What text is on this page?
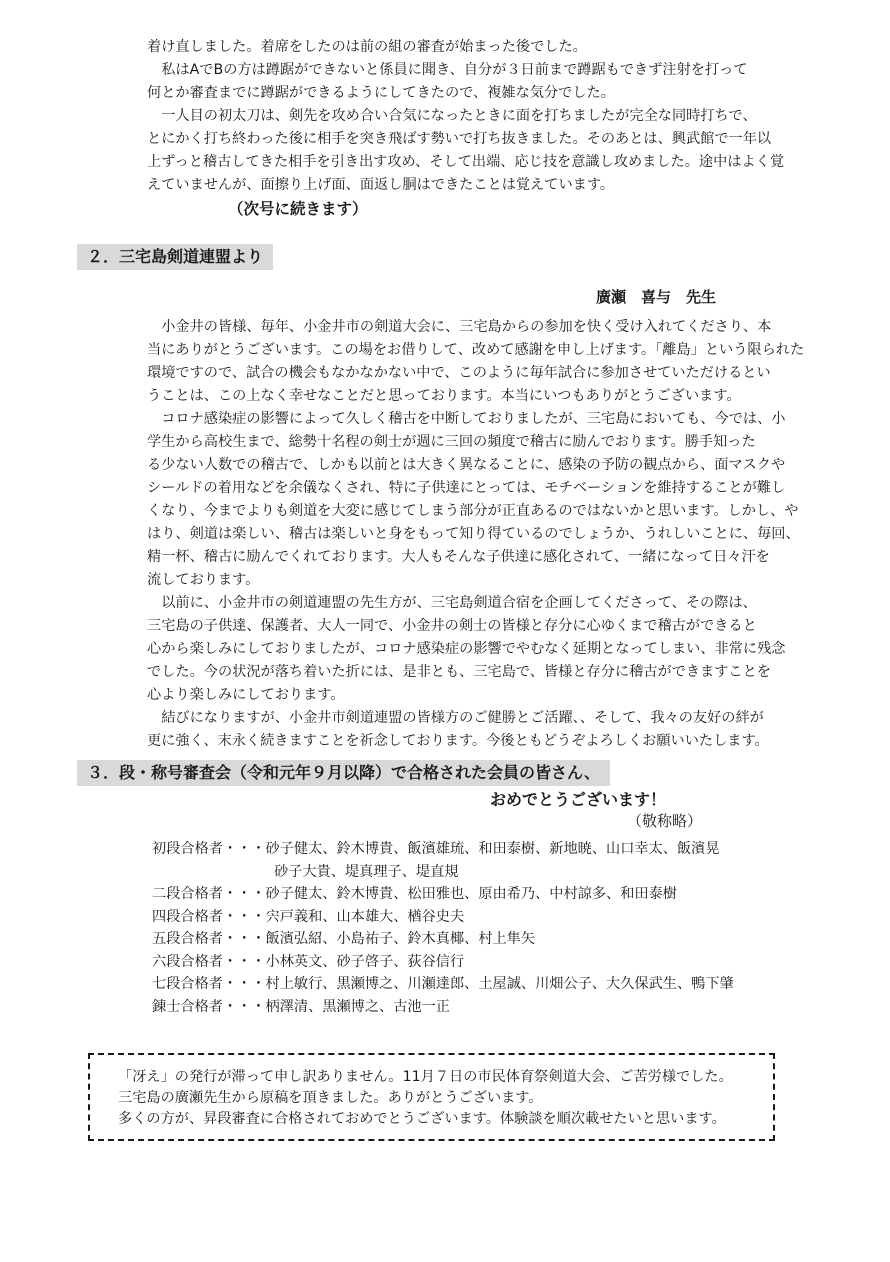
着け直しました。着席をしたのは前の組の審査が始まった後でした。
　私はAでBの方は蹲踞ができないと係員に聞き、自分が３日前まで蹲踞もできず注射を打って
何とか審査までに蹲踞ができるようにしてきたので、複雑な気分でした。
　一人目の初太刀は、剣先を攻め合い合気になったときに面を打ちましたが完全な同時打ちで、
とにかく打ち終わった後に相手を突き飛ばす勢いで打ち抜きました。そのあとは、興武館で一年以
上ずっと稽古してきた相手を引き出す攻め、そして出端、応じ技を意識し攻めました。途中はよく覚
えていませんが、面擦り上げ面、面返し胴はできたことは覚えています。
（次号に続きます）
２．三宅島剣道連盟より
廣瀬　喜与　先生
　小金井の皆様、毎年、小金井市の剣道大会に、三宅島からの参加を快く受け入れてくださり、本
当にありがとうございます。この場をお借りして、改めて感謝を申し上げます。「離島」という限られた
環境ですので、試合の機会もなかなかない中で、このように毎年試合に参加させていただけるとい
うことは、この上なく幸せなことだと思っております。本当にいつもありがとうございます。
　コロナ感染症の影響によって久しく稽古を中断しておりましたが、三宅島においても、今では、小
学生から高校生まで、総勢十名程の剣士が週に三回の頻度で稽古に励んでおります。勝手知った
る少ない人数での稽古で、しかも以前とは大きく異なることに、感染の予防の観点から、面マスクや
シールドの着用などを余儀なくされ、特に子供達にとっては、モチベーションを維持することが難し
くなり、今までよりも剣道を大変に感じてしまう部分が正直あるのではないかと思います。しかし、や
はり、剣道は楽しい、稽古は楽しいと身をもって知り得ているのでしょうか、うれしいことに、毎回、
精一杯、稽古に励んでくれております。大人もそんな子供達に感化されて、一緒になって日々汗を
流しております。
　以前に、小金井市の剣道連盟の先生方が、三宅島剣道合宿を企画してくださって、その際は、
三宅島の子供達、保護者、大人一同で、小金井の剣士の皆様と存分に心ゆくまで稽古ができると
心から楽しみにしておりましたが、コロナ感染症の影響でやむなく延期となってしまい、非常に残念
でした。今の状況が落ち着いた折には、是非とも、三宅島で、皆様と存分に稽古ができますことを
心より楽しみにしております。
　結びになりますが、小金井市剣道連盟の皆様方のご健勝とご活躍、、そして、我々の友好の絆が
更に強く、末永く続きますことを祈念しております。今後ともどうぞよろしくお願いいたします。
３．段・称号審査会（令和元年９月以降）で合格された会員の皆さん、
おめでとうございます！
（敬称略）
初段合格者・・・ 砂子健太、鈴木博貴、飯濱雄琉、和田泰樹、新地暁、山口幸太、飯濱晃
砂子大貴、堤真理子、堤直規
二段合格者・・・ 砂子健太、鈴木博貴、松田雅也、原由希乃、中村諒多、和田泰樹
四段合格者・・・ 宍戸義和、山本雄大、楢谷史夫
五段合格者・・・ 飯濱弘紹、小島祐子、鈴木真椰、村上隼矢
六段合格者・・・ 小林英文、砂子啓子、荻谷信行
七段合格者・・・ 村上敏行、黒瀬博之、川瀬達郎、土屋誠、川畑公子、大久保武生、鴨下肇
錬士合格者・・・ 柄澤清、黒瀬博之、古池一正
「冴え」の発行が滞って申し訳ありません。11月７日の市民体育祭剣道大会、ご苦労様でした。
三宅島の廣瀬先生から原稿を頂きました。ありがとうございます。
多くの方が、昇段審査に合格されておめでとうございます。体験談を順次載せたいと思います。
